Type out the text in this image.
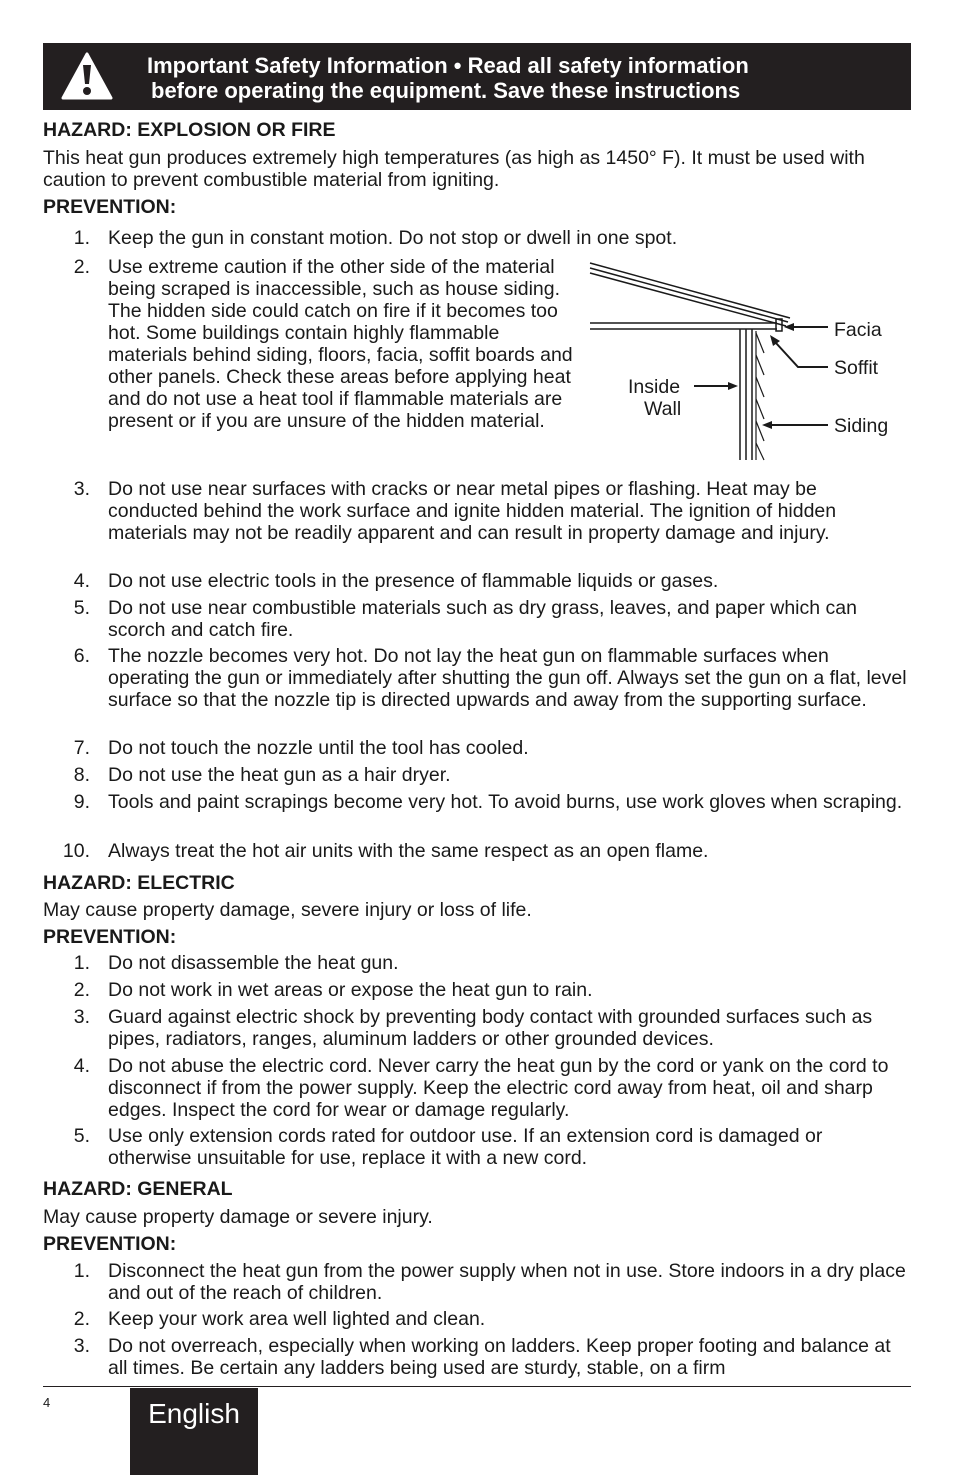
Important Safety Information • Read all safety information
before operating the equipment. Save these instructions
HAZARD: EXPLOSION OR FIRE
This heat gun produces extremely high temperatures (as high as 1450° F). It must be used with caution to prevent combustible material from igniting.
PREVENTION:
1. Keep the gun in constant motion. Do not stop or dwell in one spot.
2. Use extreme caution if the other side of the material being scraped is inaccessible, such as house siding. The hidden side could catch on fire if it becomes too hot. Some buildings contain highly flammable materials behind siding, floors, facia, soffit boards and other panels. Check these areas before applying heat and do not use a heat tool if flammable materials are present or if you are unsure of the hidden material.
Facia
Soffit
Inside
Wall
Siding
3. Do not use near surfaces with cracks or near metal pipes or flashing. Heat may be conducted behind the work surface and ignite hidden material. The ignition of hidden materials may not be readily apparent and can result in property damage and injury.
4. Do not use electric tools in the presence of flammable liquids or gases.
5. Do not use near combustible materials such as dry grass, leaves, and paper which can scorch and catch fire.
6. The nozzle becomes very hot. Do not lay the heat gun on flammable surfaces when operating the gun or immediately after shutting the gun off. Always set the gun on a flat, level surface so that the nozzle tip is directed upwards and away from the supporting surface.
7. Do not touch the nozzle until the tool has cooled.
8. Do not use the heat gun as a hair dryer.
9. Tools and paint scrapings become very hot. To avoid burns, use work gloves when scraping.
10. Always treat the hot air units with the same respect as an open flame.
HAZARD: ELECTRIC
May cause property damage, severe injury or loss of life.
PREVENTION:
1. Do not disassemble the heat gun.
2. Do not work in wet areas or expose the heat gun to rain.
3. Guard against electric shock by preventing body contact with grounded surfaces such as pipes, radiators, ranges, aluminum ladders or other grounded devices.
4. Do not abuse the electric cord. Never carry the heat gun by the cord or yank on the cord to disconnect if from the power supply. Keep the electric cord away from heat, oil and sharp edges. Inspect the cord for wear or damage regularly.
5. Use only extension cords rated for outdoor use. If an extension cord is damaged or otherwise unsuitable for use, replace it with a new cord.
HAZARD: GENERAL
May cause property damage or severe injury.
PREVENTION:
1. Disconnect the heat gun from the power supply when not in use. Store indoors in a dry place and out of the reach of children.
2. Keep your work area well lighted and clean.
3. Do not overreach, especially when working on ladders. Keep proper footing and balance at all times. Be certain any ladders being used are sturdy, stable, on a firm
4	English
